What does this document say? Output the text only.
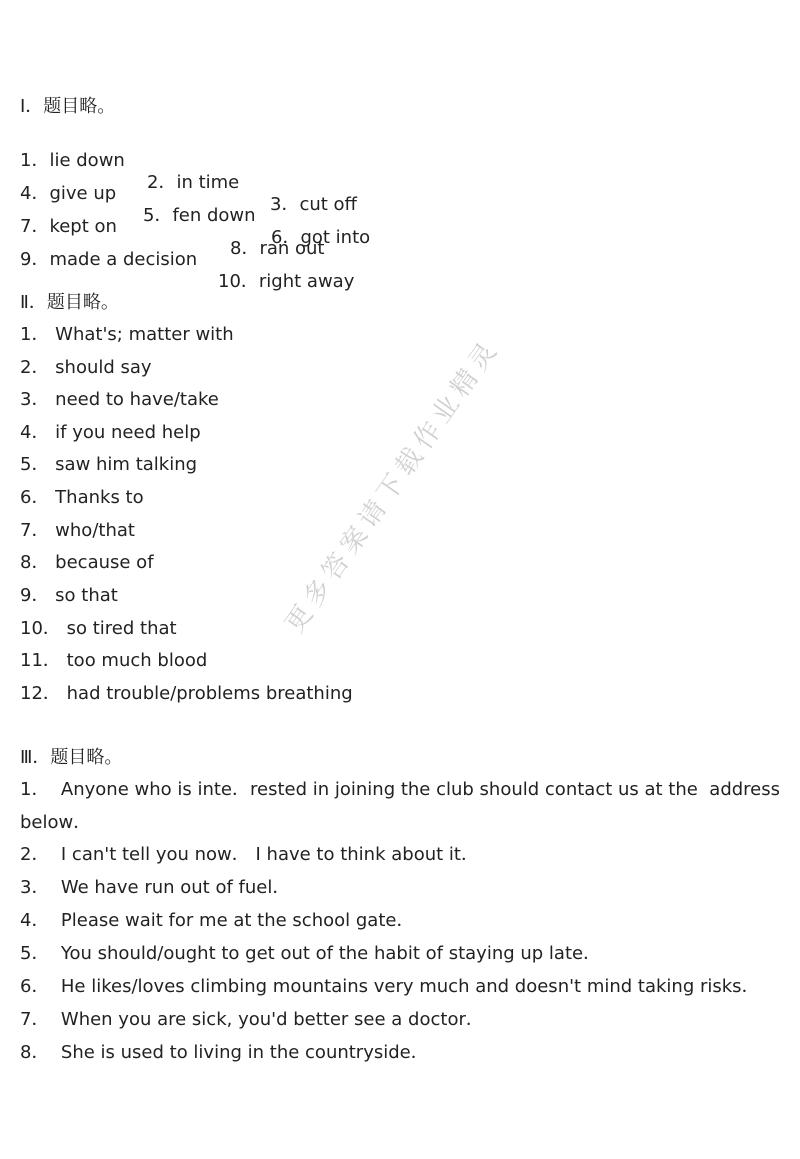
Ⅰ．题目略。

1．lie down

2．in time

3．cut off

4．give up

5．fen down

6．got into

7．kept on

8．ran out

9．made a decision

10．right away

Ⅱ．题目略。
1． What's; matter with
2． should say
3． need to have/take
4． if you need help
5． saw him talking
6． Thanks to
7． who/that
8． because of
9． so that
10． so tired that
11． too much blood
12． had trouble/problems breathing
Ⅲ．题目略。
1．  Anyone who is inte．rested in joining the club should contact us at the  address
below．
2．  I can't tell you now． I have to think about it．
3．  We have run out of fuel．
4．  Please wait for me at the school gate．
5．  You should/ought to get out of the habit of staying up late．
6．  He likes/loves climbing mountains very much and doesn't mind taking risks．
7．  When you are sick, you'd better see a doctor．
8．  She is used to living in the countryside．
更多答案请下载作业精灵
